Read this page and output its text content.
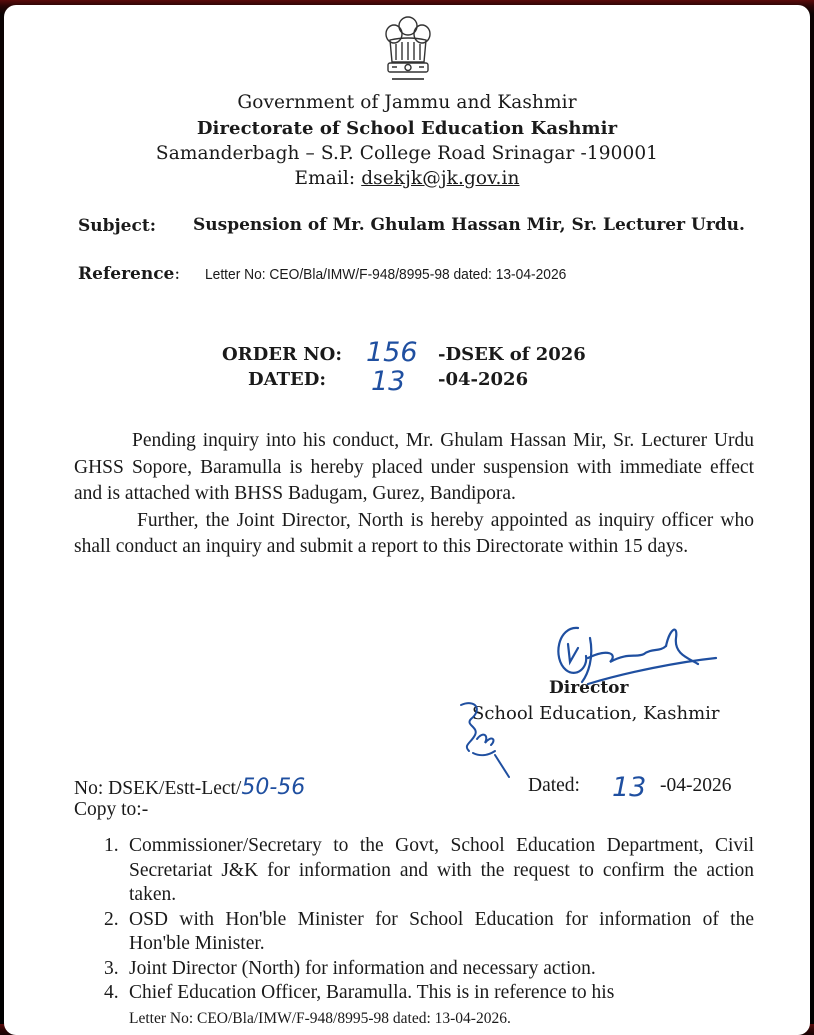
Government of Jammu and Kashmir
Directorate of School Education Kashmir
Samanderbagh – S.P. College Road Srinagar -190001
Email: dsekjk@jk.gov.in
Subject: Suspension of Mr. Ghulam Hassan Mir, Sr. Lecturer Urdu.
Reference: Letter No: CEO/Bla/IMW/F-948/8995-98 dated: 13-04-2026
ORDER NO: 156 -DSEK of 2026
DATED: 13 -04-2026

Pending inquiry into his conduct, Mr. Ghulam Hassan Mir, Sr. Lecturer Urdu GHSS Sopore, Baramulla is hereby placed under suspension with immediate effect and is attached with BHSS Badugam, Gurez, Bandipora.

Further, the Joint Director, North is hereby appointed as inquiry officer who shall conduct an inquiry and submit a report to this Directorate within 15 days.

Director
School Education, Kashmir
No: DSEK/Estt-Lect/50-56	Dated: 13 -04-2026
Copy to:-
1. Commissioner/Secretary to the Govt, School Education Department, Civil Secretariat J&K for information and with the request to confirm the action taken.
2. OSD with Hon'ble Minister for School Education for information of the Hon'ble Minister.
3. Joint Director (North) for information and necessary action.
4. Chief Education Officer, Baramulla. This is in reference to his
Letter No: CEO/Bla/IMW/F-948/8995-98 dated: 13-04-2026.
